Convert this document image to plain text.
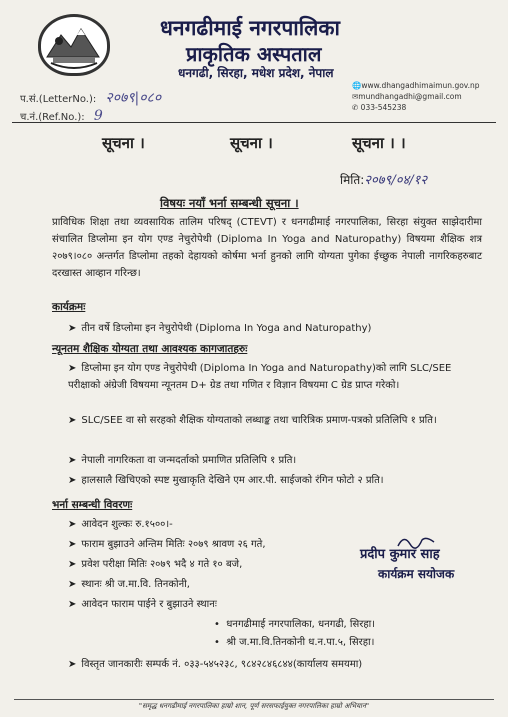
धनगढीमाई नगरपालिका
प्राकृतिक अस्पताल
धनगढी, सिरहा, मधेश प्रदेश, नेपाल
🌐www.dhangadhimaimun.gov.np
✉mundhangadhi@gmail.com
✆ 033-545238
प.सं.(LetterNo.): २०७९|०८०
च.नं.(Ref.No.): 9
सूचना ।	सूचना ।	सूचना । ।
मिति:२०७९/०४/१२
विषयः नयाँ भर्ना सम्बन्धी सूचना ।
प्राविधिक शिक्षा तथा व्यवसायिक तालिम परिषद् (CTEVT) र धनगढीमाई नगरपालिका, सिरहा संयुक्त साझेदारीमा संचालित डिप्लोमा इन योग एण्ड नेचुरोपेथी (Diploma In Yoga and Naturopathy) विषयमा शैक्षिक शत्र २०७९।०८० अन्तर्गत डिप्लोमा तहको देहायको कोर्षमा भर्ना हुनको लागि योग्यता पुगेका ईच्छुक नेपाली नागरिकहरुबाट दरखास्त आव्हान गरिन्छ।
कार्यक्रमः
➤ तीन वर्षे डिप्लोमा इन नेचुरोपेथी (Diploma In Yoga and Naturopathy)
न्यूनतम शैक्षिक योग्यता तथा आवश्यक कागजातहरुः
➤ डिप्लोमा इन योग एण्ड नेचुरोपेथी (Diploma In Yoga and Naturopathy)को लागि SLC/SEE परीक्षाको अंग्रेजी विषयमा न्यूनतम D+ ग्रेड तथा गणित र विज्ञान विषयमा C ग्रेड प्राप्त गरेको।
➤ SLC/SEE वा सो सरहको शैक्षिक योग्यताको लब्धाङ्क तथा चारित्रिक प्रमाण-पत्रको प्रतिलिपि १ प्रति।
➤ नेपाली नागरिकता वा जन्मदर्ताको प्रमाणित प्रतिलिपि १ प्रति।
➤ हालसालै खिचिएको स्पष्ट मुखाकृति देखिने एम आर.पी. साईजको रंगिन फोटो २ प्रति।
भर्ना सम्बन्धी विवरणः
➤ आवेदन शुल्कः रु.१५००।-
➤ फाराम बुझाउने अन्तिम मितिः २०७९ श्रावण २६ गते,
➤ प्रवेश परीक्षा मितिः २०७९ भदै ४ गते १० बजे,
➤ स्थानः श्री ज.मा.वि. तिनकोनी,
➤ आवेदन फाराम पाईने र बुझाउने स्थानः
•  धनगढीमाई नगरपालिका, धनगढी, सिरहा।
•  श्री ज.मा.वि.तिनकोनी ध.न.पा.५, सिरहा।
➤ विस्तृत जानकारीः सम्पर्क नं. ०३३-५४५२३८, ९८४२८४६८४४(कार्यालय समयमा)
प्रदीप कुमार साह
कार्यक्रम सयोजक
"समृद्ध धनगढीमाई नगरपालिका हाम्रो शान, पूर्ण सरसफाईयुक्त नगरपालिका हाम्रो अभियान"
